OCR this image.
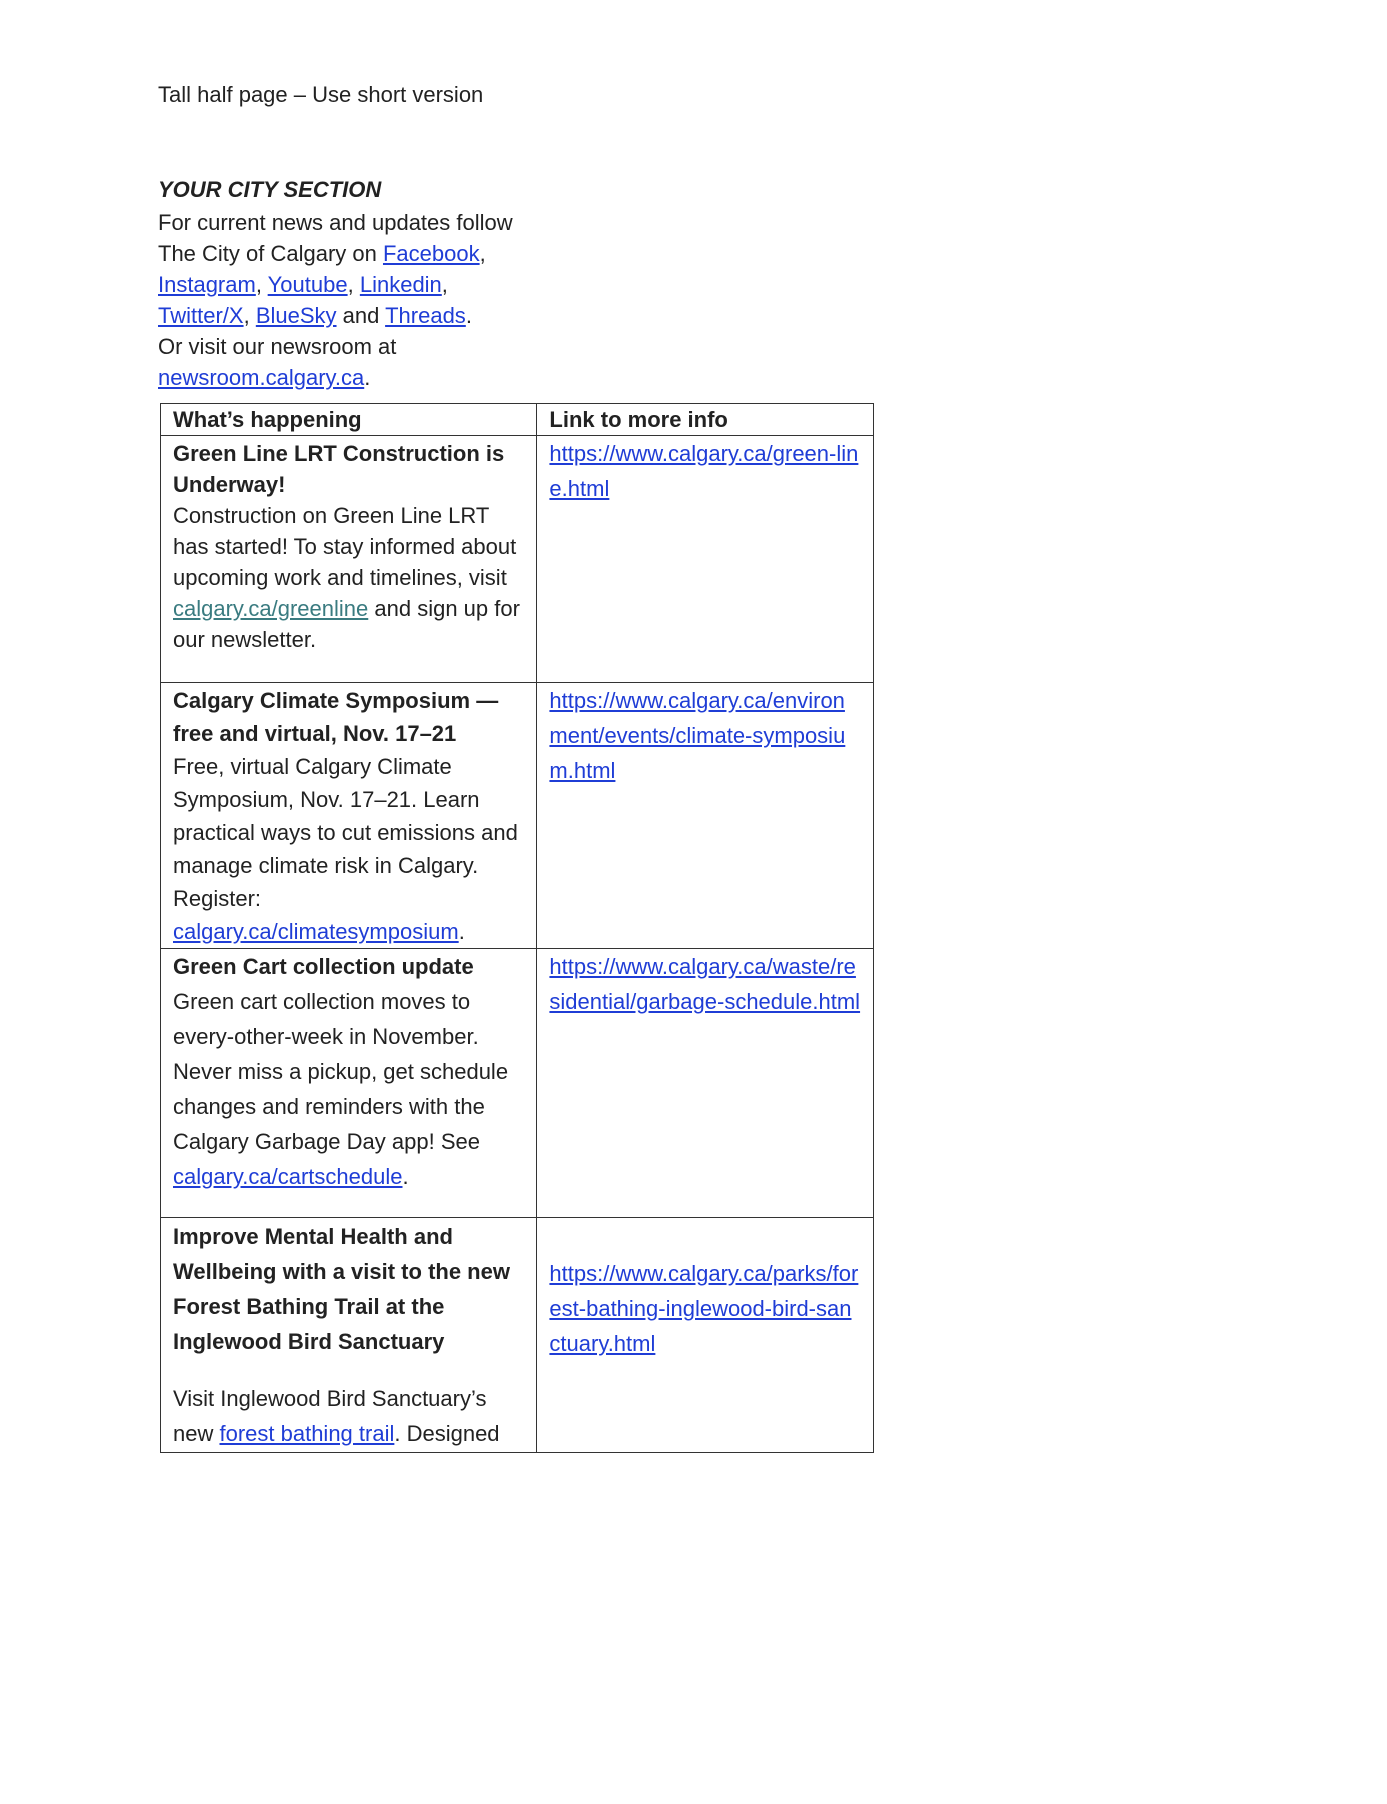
Tall half page – Use short version
YOUR CITY SECTION
For current news and updates follow
The City of Calgary on Facebook,
Instagram, Youtube, Linkedin,
Twitter/X, BlueSky and Threads.
Or visit our newsroom at
newsroom.calgary.ca.
What’s happening	Link to more info

Green Line LRT Construction is Underway!
Construction on Green Line LRT has started! To stay informed about upcoming work and timelines, visit calgary.ca/greenline and sign up for our newsletter.	https://www.calgary.ca/green-line.html

Calgary Climate Symposium — free and virtual, Nov. 17–21
Free, virtual Calgary Climate Symposium, Nov. 17–21. Learn practical ways to cut emissions and manage climate risk in Calgary. Register: calgary.ca/climatesymposium.	https://www.calgary.ca/environment/events/climate-symposium.html

Green Cart collection update
Green cart collection moves to every-other-week in November. Never miss a pickup, get schedule changes and reminders with the Calgary Garbage Day app! See calgary.ca/cartschedule.	https://www.calgary.ca/waste/residential/garbage-schedule.html

Improve Mental Health and Wellbeing with a visit to the new Forest Bathing Trail at the Inglewood Bird Sanctuary
Visit Inglewood Bird Sanctuary’s new forest bathing trail. Designed	https://www.calgary.ca/parks/forest-bathing-inglewood-bird-sanctuary.html
